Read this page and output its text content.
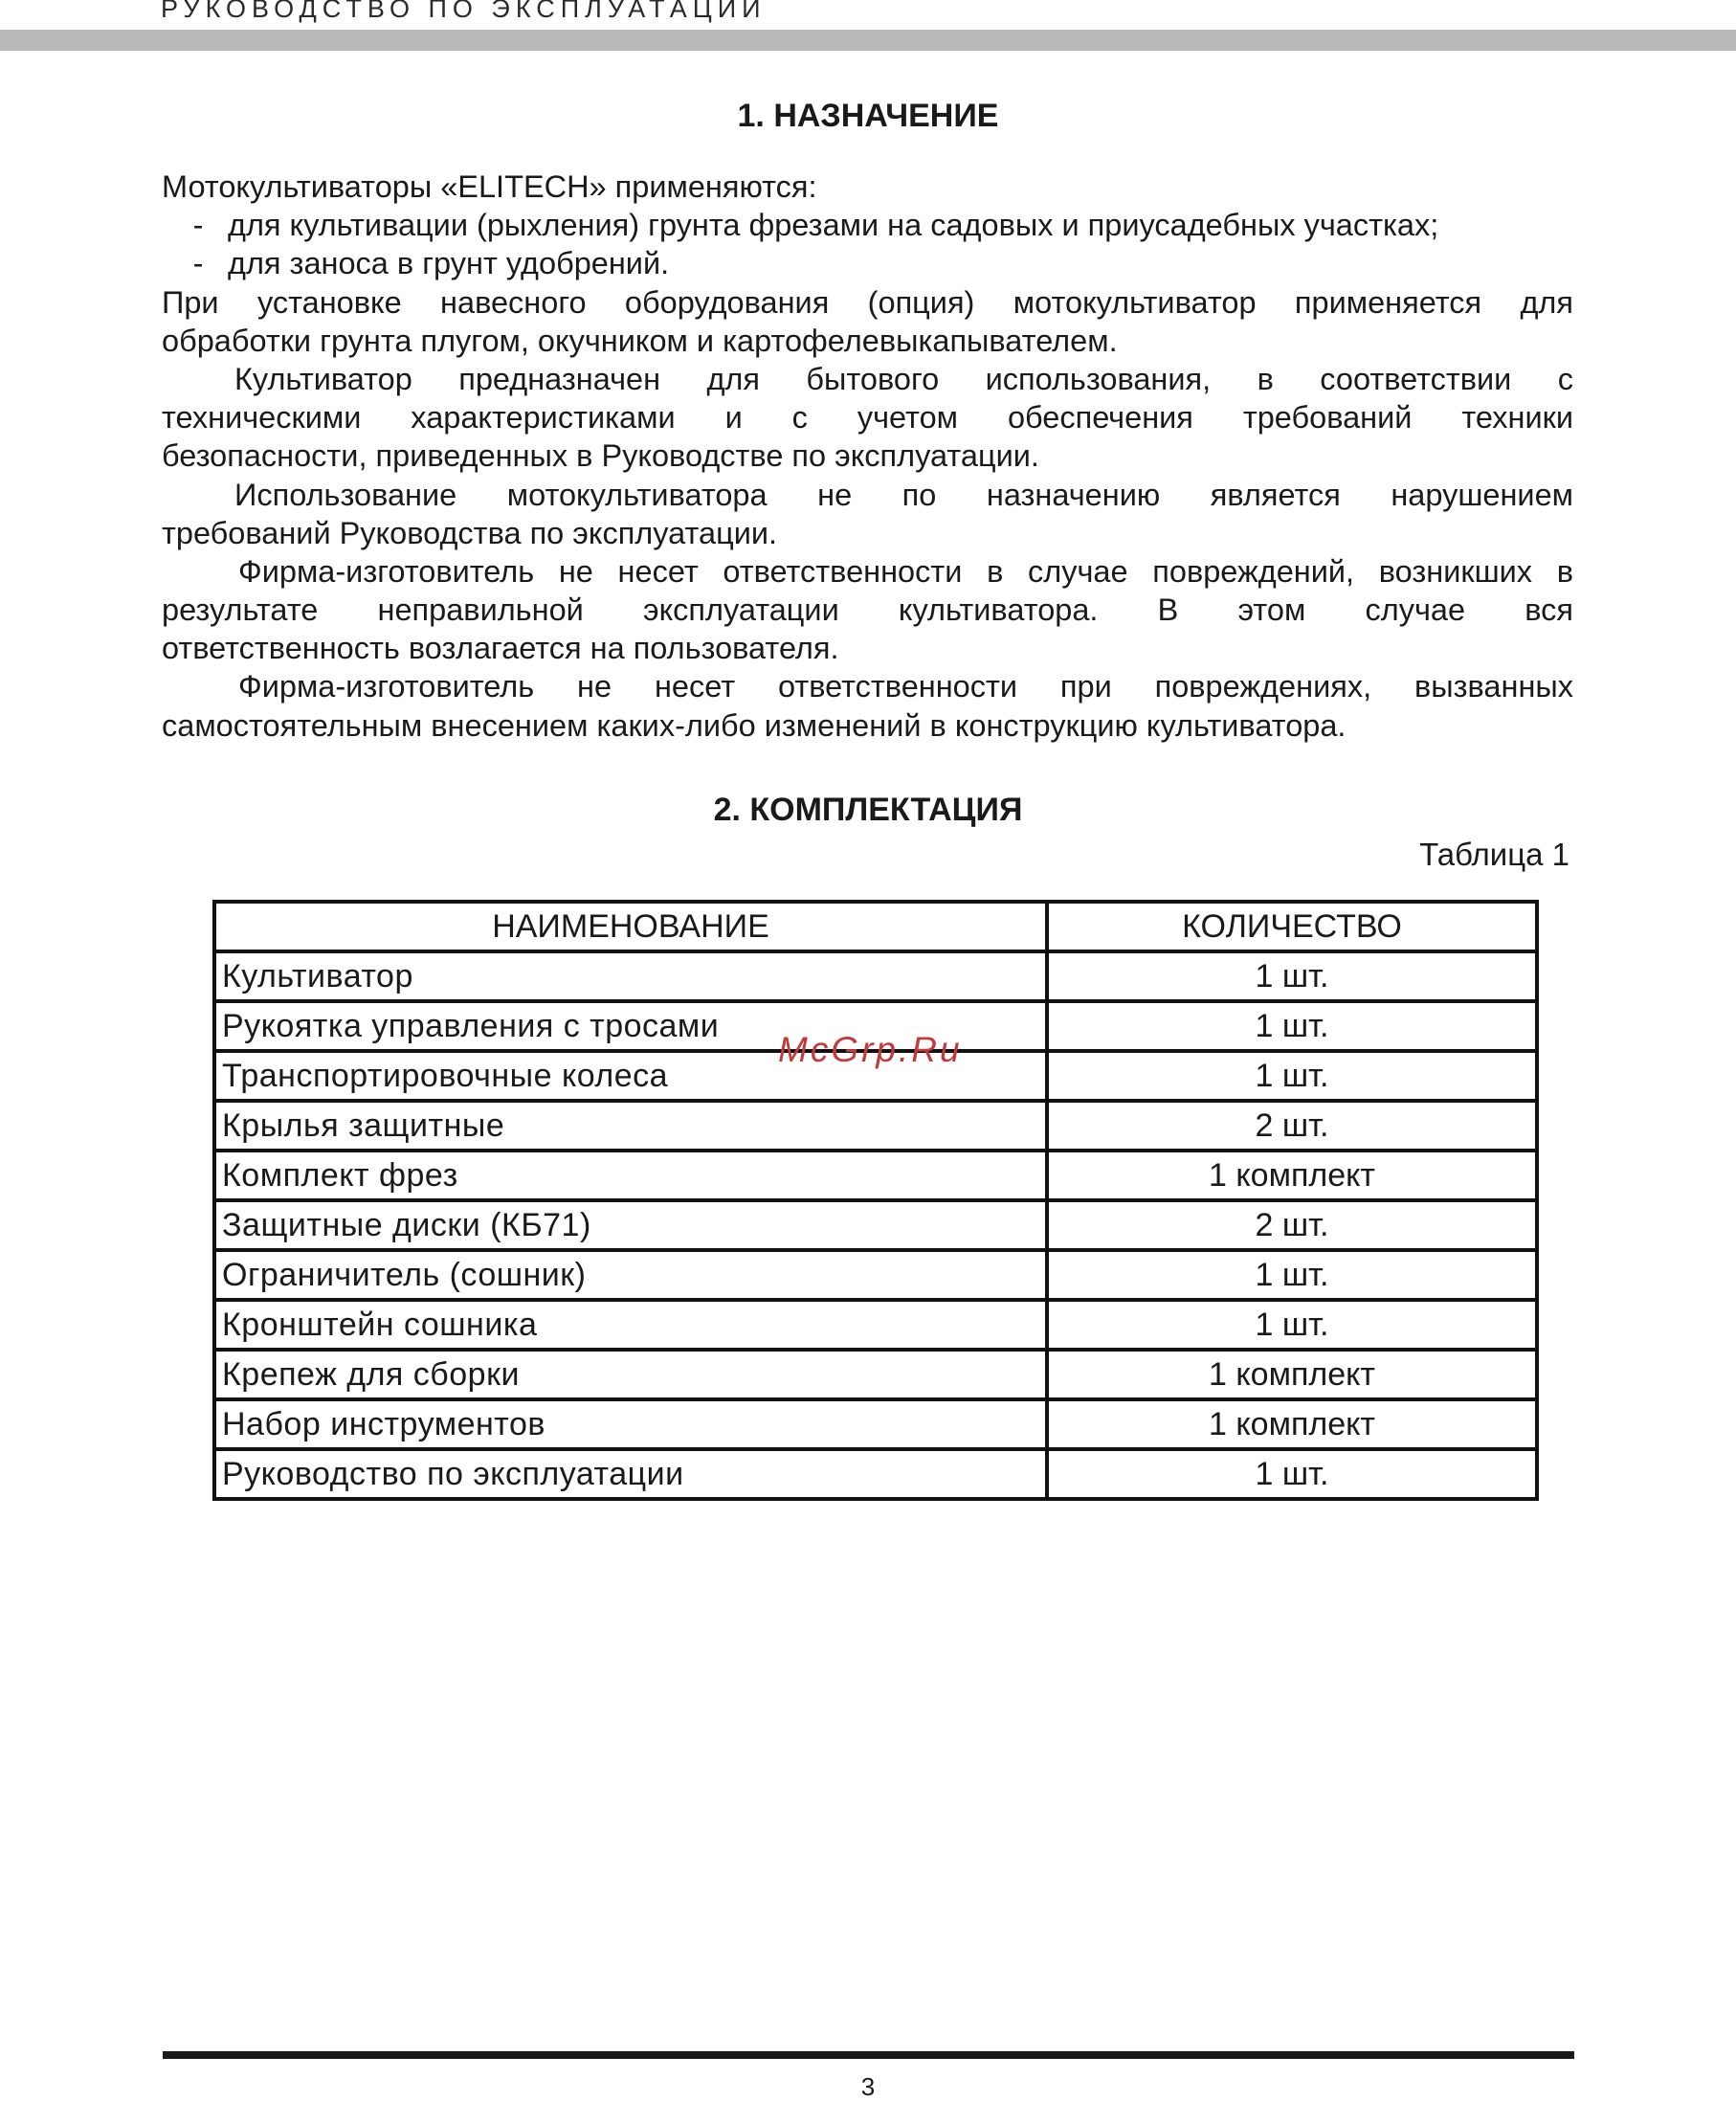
РУКОВОДСТВО ПО ЭКСПЛУАТАЦИИ
1. НАЗНАЧЕНИЕ
Мотокультиваторы «ELITECH» применяются:
- для культивации (рыхления) грунта фрезами на садовых и приусадебных участках;
- для заноса в грунт удобрений.
При установке навесного оборудования (опция) мотокультиватор применяется для
обработки грунта плугом, окучником и картофелевыкапывателем.
Культиватор предназначен для бытового использования, в соответствии с
техническими характеристиками и с учетом обеспечения требований техники
безопасности, приведенных в Руководстве по эксплуатации.
Использование мотокультиватора не по назначению является нарушением
требований Руководства по эксплуатации.
Фирма-изготовитель не несет ответственности в случае повреждений, возникших в
результате неправильной эксплуатации культиватора. В этом случае вся
ответственность возлагается на пользователя.
Фирма-изготовитель не несет ответственности при повреждениях, вызванных
самостоятельным внесением каких-либо изменений в конструкцию культиватора.
2. КОМПЛЕКТАЦИЯ
Таблица 1
НАИМЕНОВАНИЕ	КОЛИЧЕСТВО
Культиватор	1 шт.
Рукоятка управления с тросами	1 шт.
Транспортировочные колеса	1 шт.
Крылья защитные	2 шт.
Комплект фрез	1 комплект
Защитные диски (КБ71)	2 шт.
Ограничитель (сошник)	1 шт.
Кронштейн сошника	1 шт.
Крепеж для сборки	1 комплект
Набор инструментов	1 комплект
Руководство по эксплуатации	1 шт.
McGrp.Ru
3
